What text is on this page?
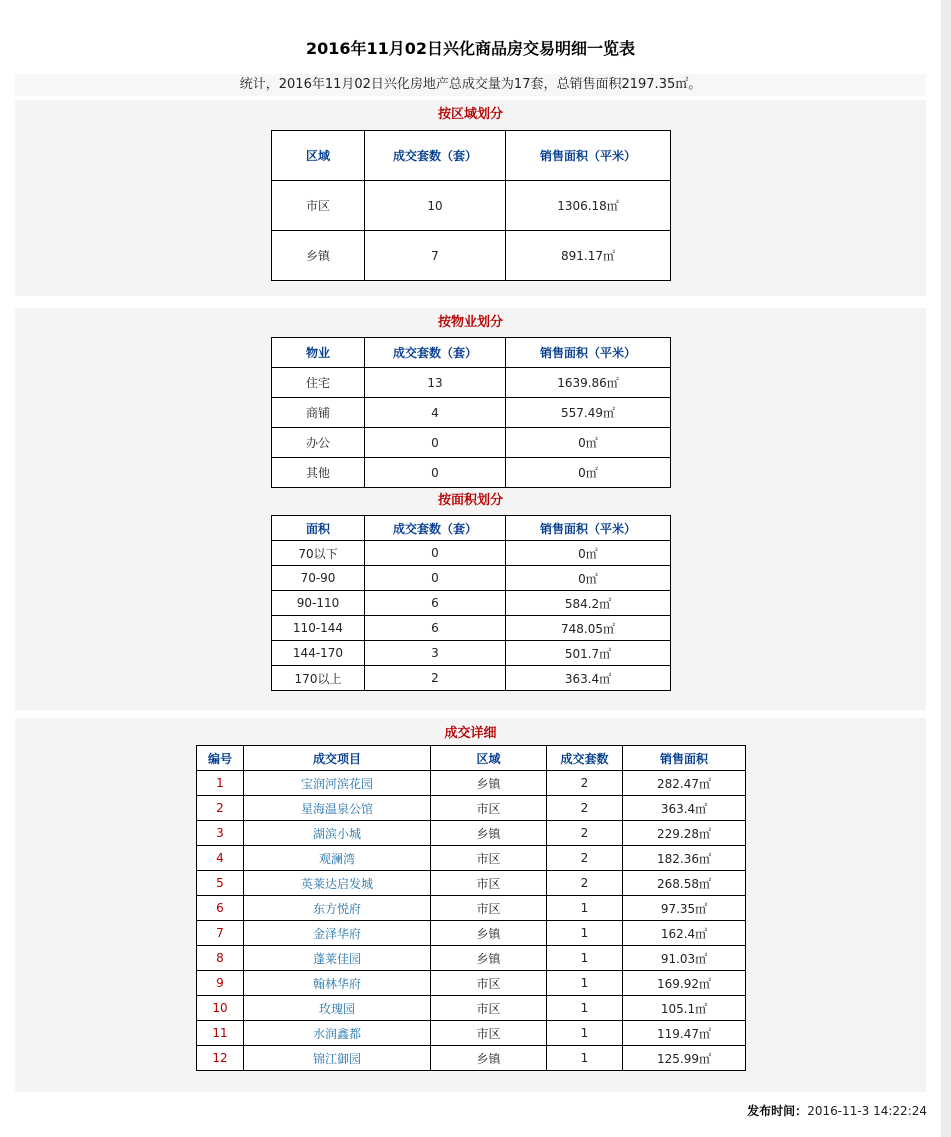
2016年11月02日兴化商品房交易明细一览表
统计，2016年11月02日兴化房地产总成交量为17套，总销售面积2197.35㎡。
按区域划分
区域	成交套数（套）	销售面积（平米）
市区	10	1306.18㎡
乡镇	7	891.17㎡
按物业划分
物业	成交套数（套）	销售面积（平米）
住宅	13	1639.86㎡
商铺	4	557.49㎡
办公	0	0㎡
其他	0	0㎡
按面积划分
面积	成交套数（套）	销售面积（平米）
70以下	0	0㎡
70-90	0	0㎡
90-110	6	584.2㎡
110-144	6	748.05㎡
144-170	3	501.7㎡
170以上	2	363.4㎡
成交详细
编号	成交项目	区域	成交套数	销售面积
1	宝润河滨花园	乡镇	2	282.47㎡
2	星海温泉公馆	市区	2	363.4㎡
3	湖滨小城	乡镇	2	229.28㎡
4	观澜湾	市区	2	182.36㎡
5	英莱达启发城	市区	2	268.58㎡
6	东方悦府	市区	1	97.35㎡
7	金泽华府	乡镇	1	162.4㎡
8	蓬莱佳园	乡镇	1	91.03㎡
9	翰林华府	市区	1	169.92㎡
10	玫瑰园	市区	1	105.1㎡
11	水润鑫都	市区	1	119.47㎡
12	锦江御园	乡镇	1	125.99㎡
发布时间：2016-11-3 14:22:24
